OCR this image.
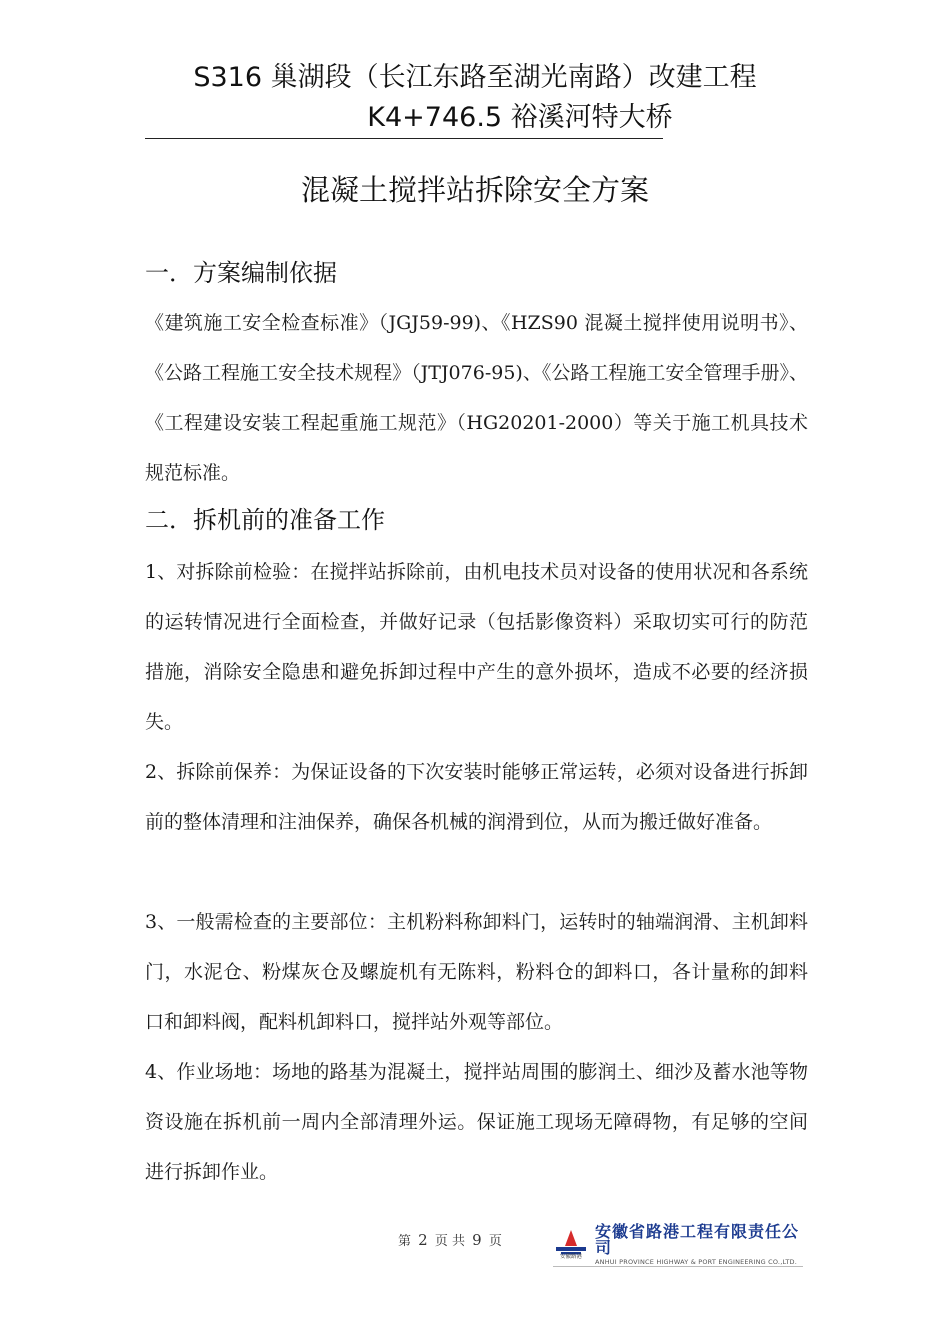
S316 巢湖段（长江东路至湖光南路）改建工程
K4+746.5 裕溪河特大桥
混凝土搅拌站拆除安全方案
一．方案编制依据

《建筑施工安全检查标准》（JGJ59-99)、《HZS90 混凝土搅拌使用说明书》、《公路工程施工安全技术规程》（JTJ076-95)、《公路工程施工安全管理手册》、《工程建设安装工程起重施工规范》（HG20201-2000）等关于施工机具技术规范标准。

二．拆机前的准备工作

1、对拆除前检验：在搅拌站拆除前，由机电技术员对设备的使用状况和各系统的运转情况进行全面检查，并做好记录（包括影像资料）采取切实可行的防范措施，消除安全隐患和避免拆卸过程中产生的意外损坏，造成不必要的经济损失。

2、拆除前保养：为保证设备的下次安装时能够正常运转，必须对设备进行拆卸前的整体清理和注油保养，确保各机械的润滑到位，从而为搬迁做好准备。

3、一般需检查的主要部位：主机粉料称卸料门，运转时的轴端润滑、主机卸料门，水泥仓、粉煤灰仓及螺旋机有无陈料，粉料仓的卸料口，各计量称的卸料口和卸料阀，配料机卸料口，搅拌站外观等部位。

4、作业场地：场地的路基为混凝土，搅拌站周围的膨润土、细沙及蓄水池等物资设施在拆机前一周内全部清理外运。保证施工现场无障碍物，有足够的空间进行拆卸作业。

第 2 页 共 9 页
安徽路港
安徽省路港工程有限责任公司
ANHUI PROVINCE HIGHWAY & PORT ENGINEERING CO.,LTD.
